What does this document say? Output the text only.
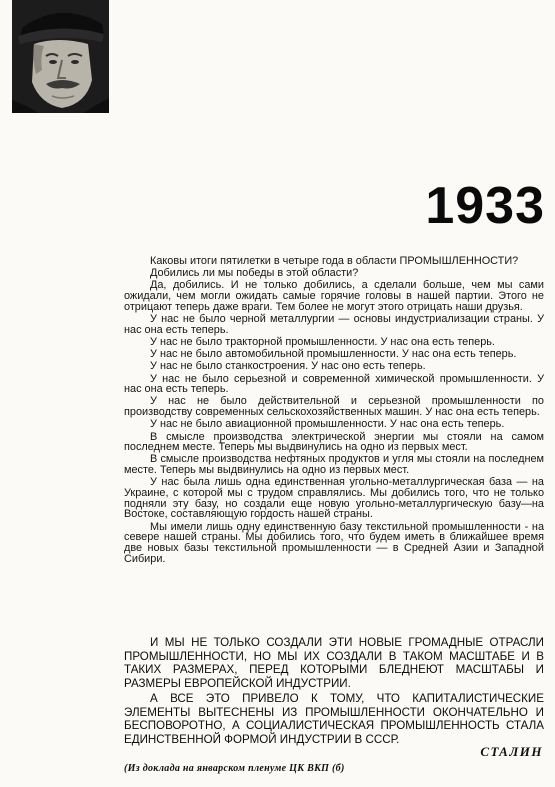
1933

Каковы итоги пятилетки в четыре года в области ПРОМЫШЛЕННОСТИ?

Добились ли мы победы в этой области?

Да, добились. И не только добились, а сделали больше, чем мы сами ожидали, чем могли ожидать самые горячие головы в нашей партии. Этого не отрицают теперь даже враги. Тем более не могут этого отрицать наши друзья.

У нас не было черной металлургии — основы индустриализации страны. У нас она есть теперь.

У нас не было тракторной промышленности. У нас она есть теперь.

У нас не было автомобильной промышленности. У нас она есть теперь.

У нас не было станкостроения. У нас оно есть теперь.

У нас не было серьезной и современной химической промышленности. У нас она есть теперь.

У нас не было действительной и серьезной промышленности по производству современных сельскохозяйственных машин. У нас она есть теперь.

У нас не было авиационной промышленности. У нас она есть теперь.

В смысле производства электрической энергии мы стояли на самом последнем месте. Теперь мы выдвинулись на одно из первых мест.

В смысле производства нефтяных продуктов и угля мы стояли на последнем месте. Теперь мы выдвинулись на одно из первых мест.

У нас была лишь одна единственная угольно-металлургическая база — на Украине, с которой мы с трудом справлялись. Мы добились того, что не только подняли эту базу, но создали еще новую угольно-металлургическую базу—на Востоке, составляющую гордость нашей страны.

Мы имели лишь одну единственную базу текстильной промышленности - на севере нашей страны. Мы добились того, что будем иметь в ближайшее время две новых базы текстильной промышленности — в Средней Азии и Западной Сибири.

И МЫ НЕ ТОЛЬКО СОЗДАЛИ ЭТИ НОВЫЕ ГРОМАДНЫЕ ОТРАСЛИ ПРОМЫШЛЕННОСТИ, НО МЫ ИХ СОЗДАЛИ В ТАКОМ МАСШТАБЕ И В ТАКИХ РАЗМЕРАХ, ПЕРЕД КОТОРЫМИ БЛЕДНЕЮТ МАСШТАБЫ И РАЗМЕРЫ ЕВРОПЕЙСКОЙ ИНДУСТРИИ.

А ВСЕ ЭТО ПРИВЕЛО К ТОМУ, ЧТО КАПИТАЛИСТИЧЕСКИЕ ЭЛЕМЕНТЫ ВЫТЕСНЕНЫ ИЗ ПРОМЫШЛЕННОСТИ ОКОНЧАТЕЛЬНО И БЕСПОВОРОТНО, А СОЦИАЛИСТИЧЕСКАЯ ПРОМЫШЛЕННОСТЬ СТАЛА ЕДИНСТВЕННОЙ ФОРМОЙ ИНДУСТРИИ В СССР.

СТАЛИН
(Из доклада на январском пленуме ЦК ВКП (б)
